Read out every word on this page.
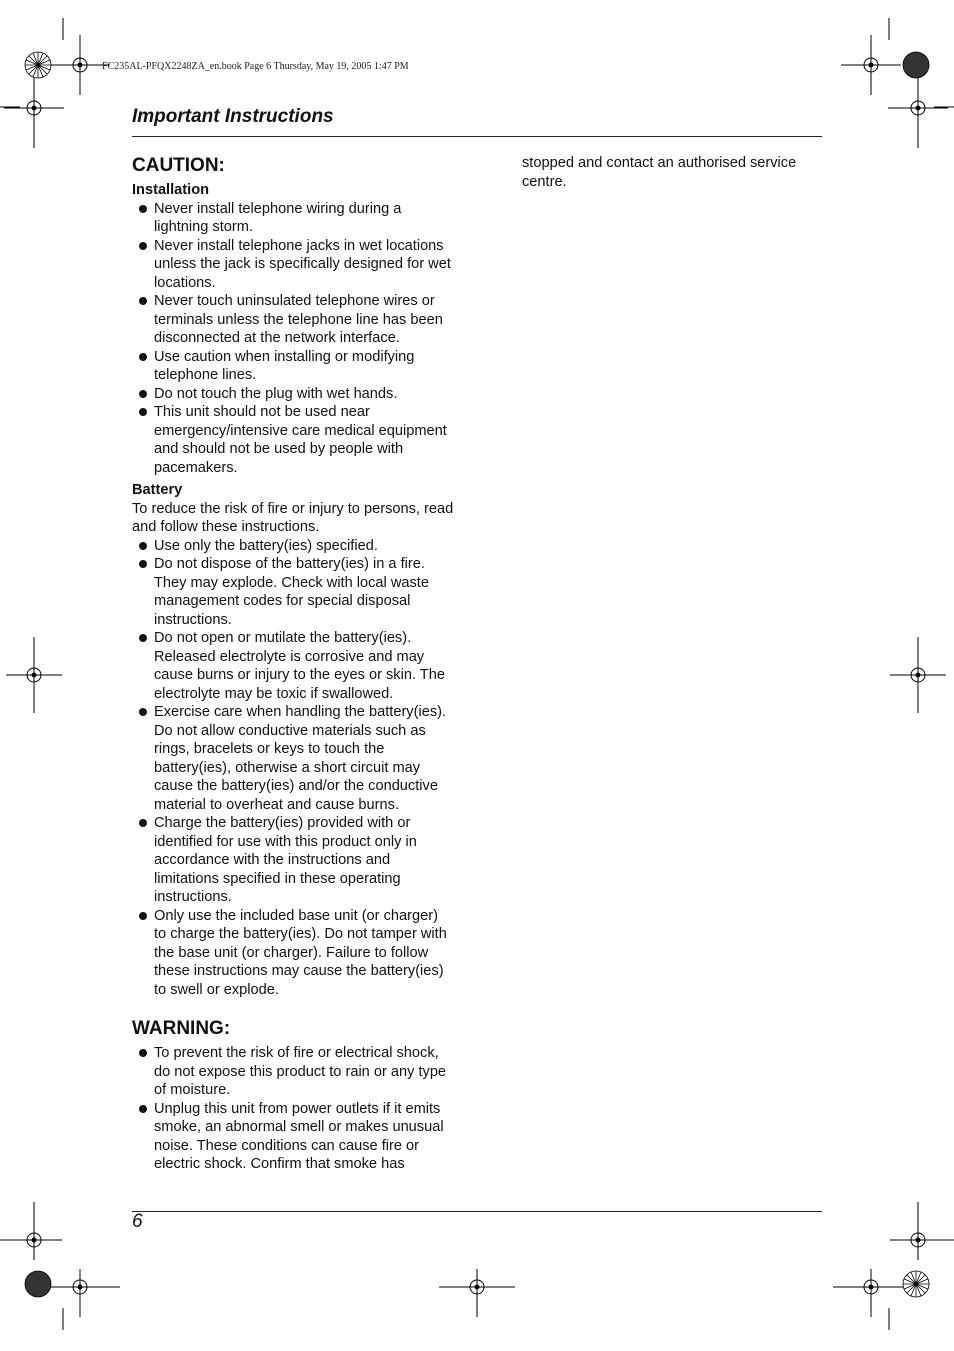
FC235AL-PFQX2248ZA_en.book Page 6 Thursday, May 19, 2005 1:47 PM
Important Instructions
CAUTION:
Installation
Never install telephone wiring during a lightning storm.
Never install telephone jacks in wet locations unless the jack is specifically designed for wet locations.
Never touch uninsulated telephone wires or terminals unless the telephone line has been disconnected at the network interface.
Use caution when installing or modifying telephone lines.
Do not touch the plug with wet hands.
This unit should not be used near emergency/intensive care medical equipment and should not be used by people with pacemakers.
Battery

To reduce the risk of fire or injury to persons, read and follow these instructions.

Use only the battery(ies) specified.
Do not dispose of the battery(ies) in a fire. They may explode. Check with local waste management codes for special disposal instructions.
Do not open or mutilate the battery(ies). Released electrolyte is corrosive and may cause burns or injury to the eyes or skin. The electrolyte may be toxic if swallowed.
Exercise care when handling the battery(ies). Do not allow conductive materials such as rings, bracelets or keys to touch the battery(ies), otherwise a short circuit may cause the battery(ies) and/or the conductive material to overheat and cause burns.
Charge the battery(ies) provided with or identified for use with this product only in accordance with the instructions and limitations specified in these operating instructions.
Only use the included base unit (or charger) to charge the battery(ies). Do not tamper with the base unit (or charger). Failure to follow these instructions may cause the battery(ies) to swell or explode.
WARNING:
To prevent the risk of fire or electrical shock, do not expose this product to rain or any type of moisture.
Unplug this unit from power outlets if it emits smoke, an abnormal smell or makes unusual noise. These conditions can cause fire or electric shock. Confirm that smoke has

stopped and contact an authorised service centre.

6
